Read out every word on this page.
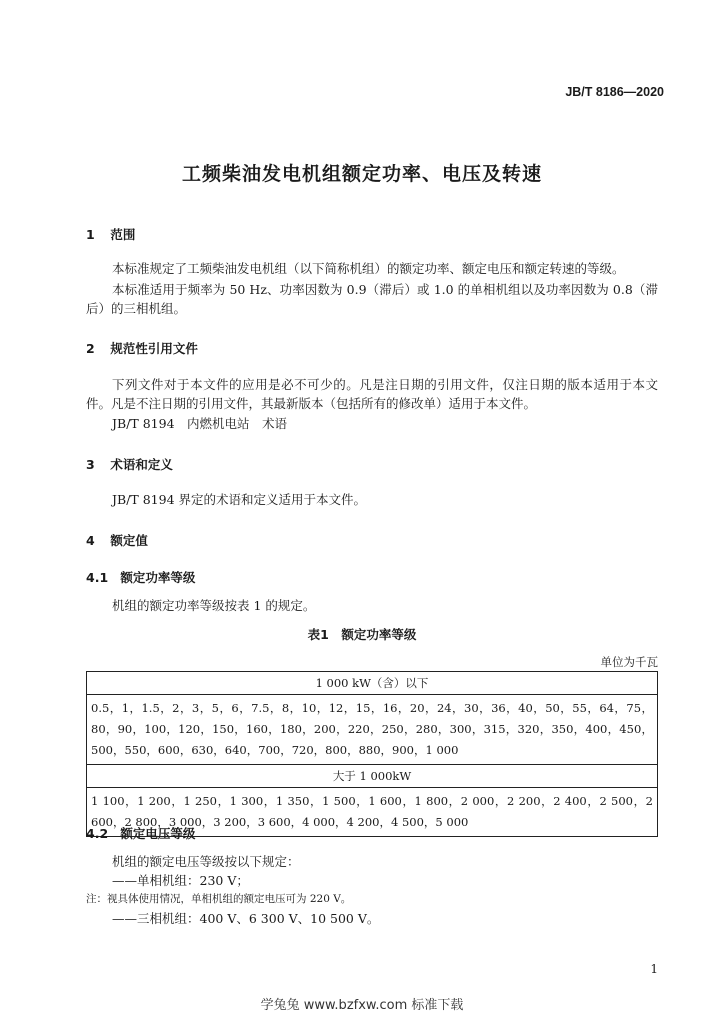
JB/T 8186—2020
工频柴油发电机组额定功率、电压及转速
1 范围
本标准规定了工频柴油发电机组（以下简称机组）的额定功率、额定电压和额定转速的等级。
本标准适用于频率为 50 Hz、功率因数为 0.9（滞后）或 1.0 的单相机组以及功率因数为 0.8（滞后）的三相机组。
2 规范性引用文件
下列文件对于本文件的应用是必不可少的。凡是注日期的引用文件，仅注日期的版本适用于本文件。凡是不注日期的引用文件，其最新版本（包括所有的修改单）适用于本文件。
JB/T 8194　内燃机电站　术语
3 术语和定义
JB/T 8194 界定的术语和定义适用于本文件。
4 额定值
4.1 额定功率等级
机组的额定功率等级按表 1 的规定。
表1　额定功率等级
单位为千瓦
1 000 kW（含）以下
0.5，1，1.5，2，3，5，6，7.5，8，10，12，15，16，20，24，30，36，40，50，55，64，75，80，90，100，120，150，160，180，200，220，250，280，300，315，320，350，400，450，500，550，600，630，640，700，720，800，880，900，1 000
大于 1 000kW
1 100，1 200，1 250，1 300，1 350，1 500，1 600，1 800，2 000，2 200，2 400，2 500，2 600，2 800，3 000，3 200，3 600，4 000，4 200，4 500，5 000
4.2 额定电压等级
机组的额定电压等级按以下规定：
——单相机组：230 V；
注：视具体使用情况，单相机组的额定电压可为 220 V。
——三相机组：400 V、6 300 V、10 500 V。
1
学兔兔 www.bzfxw.com 标准下载
